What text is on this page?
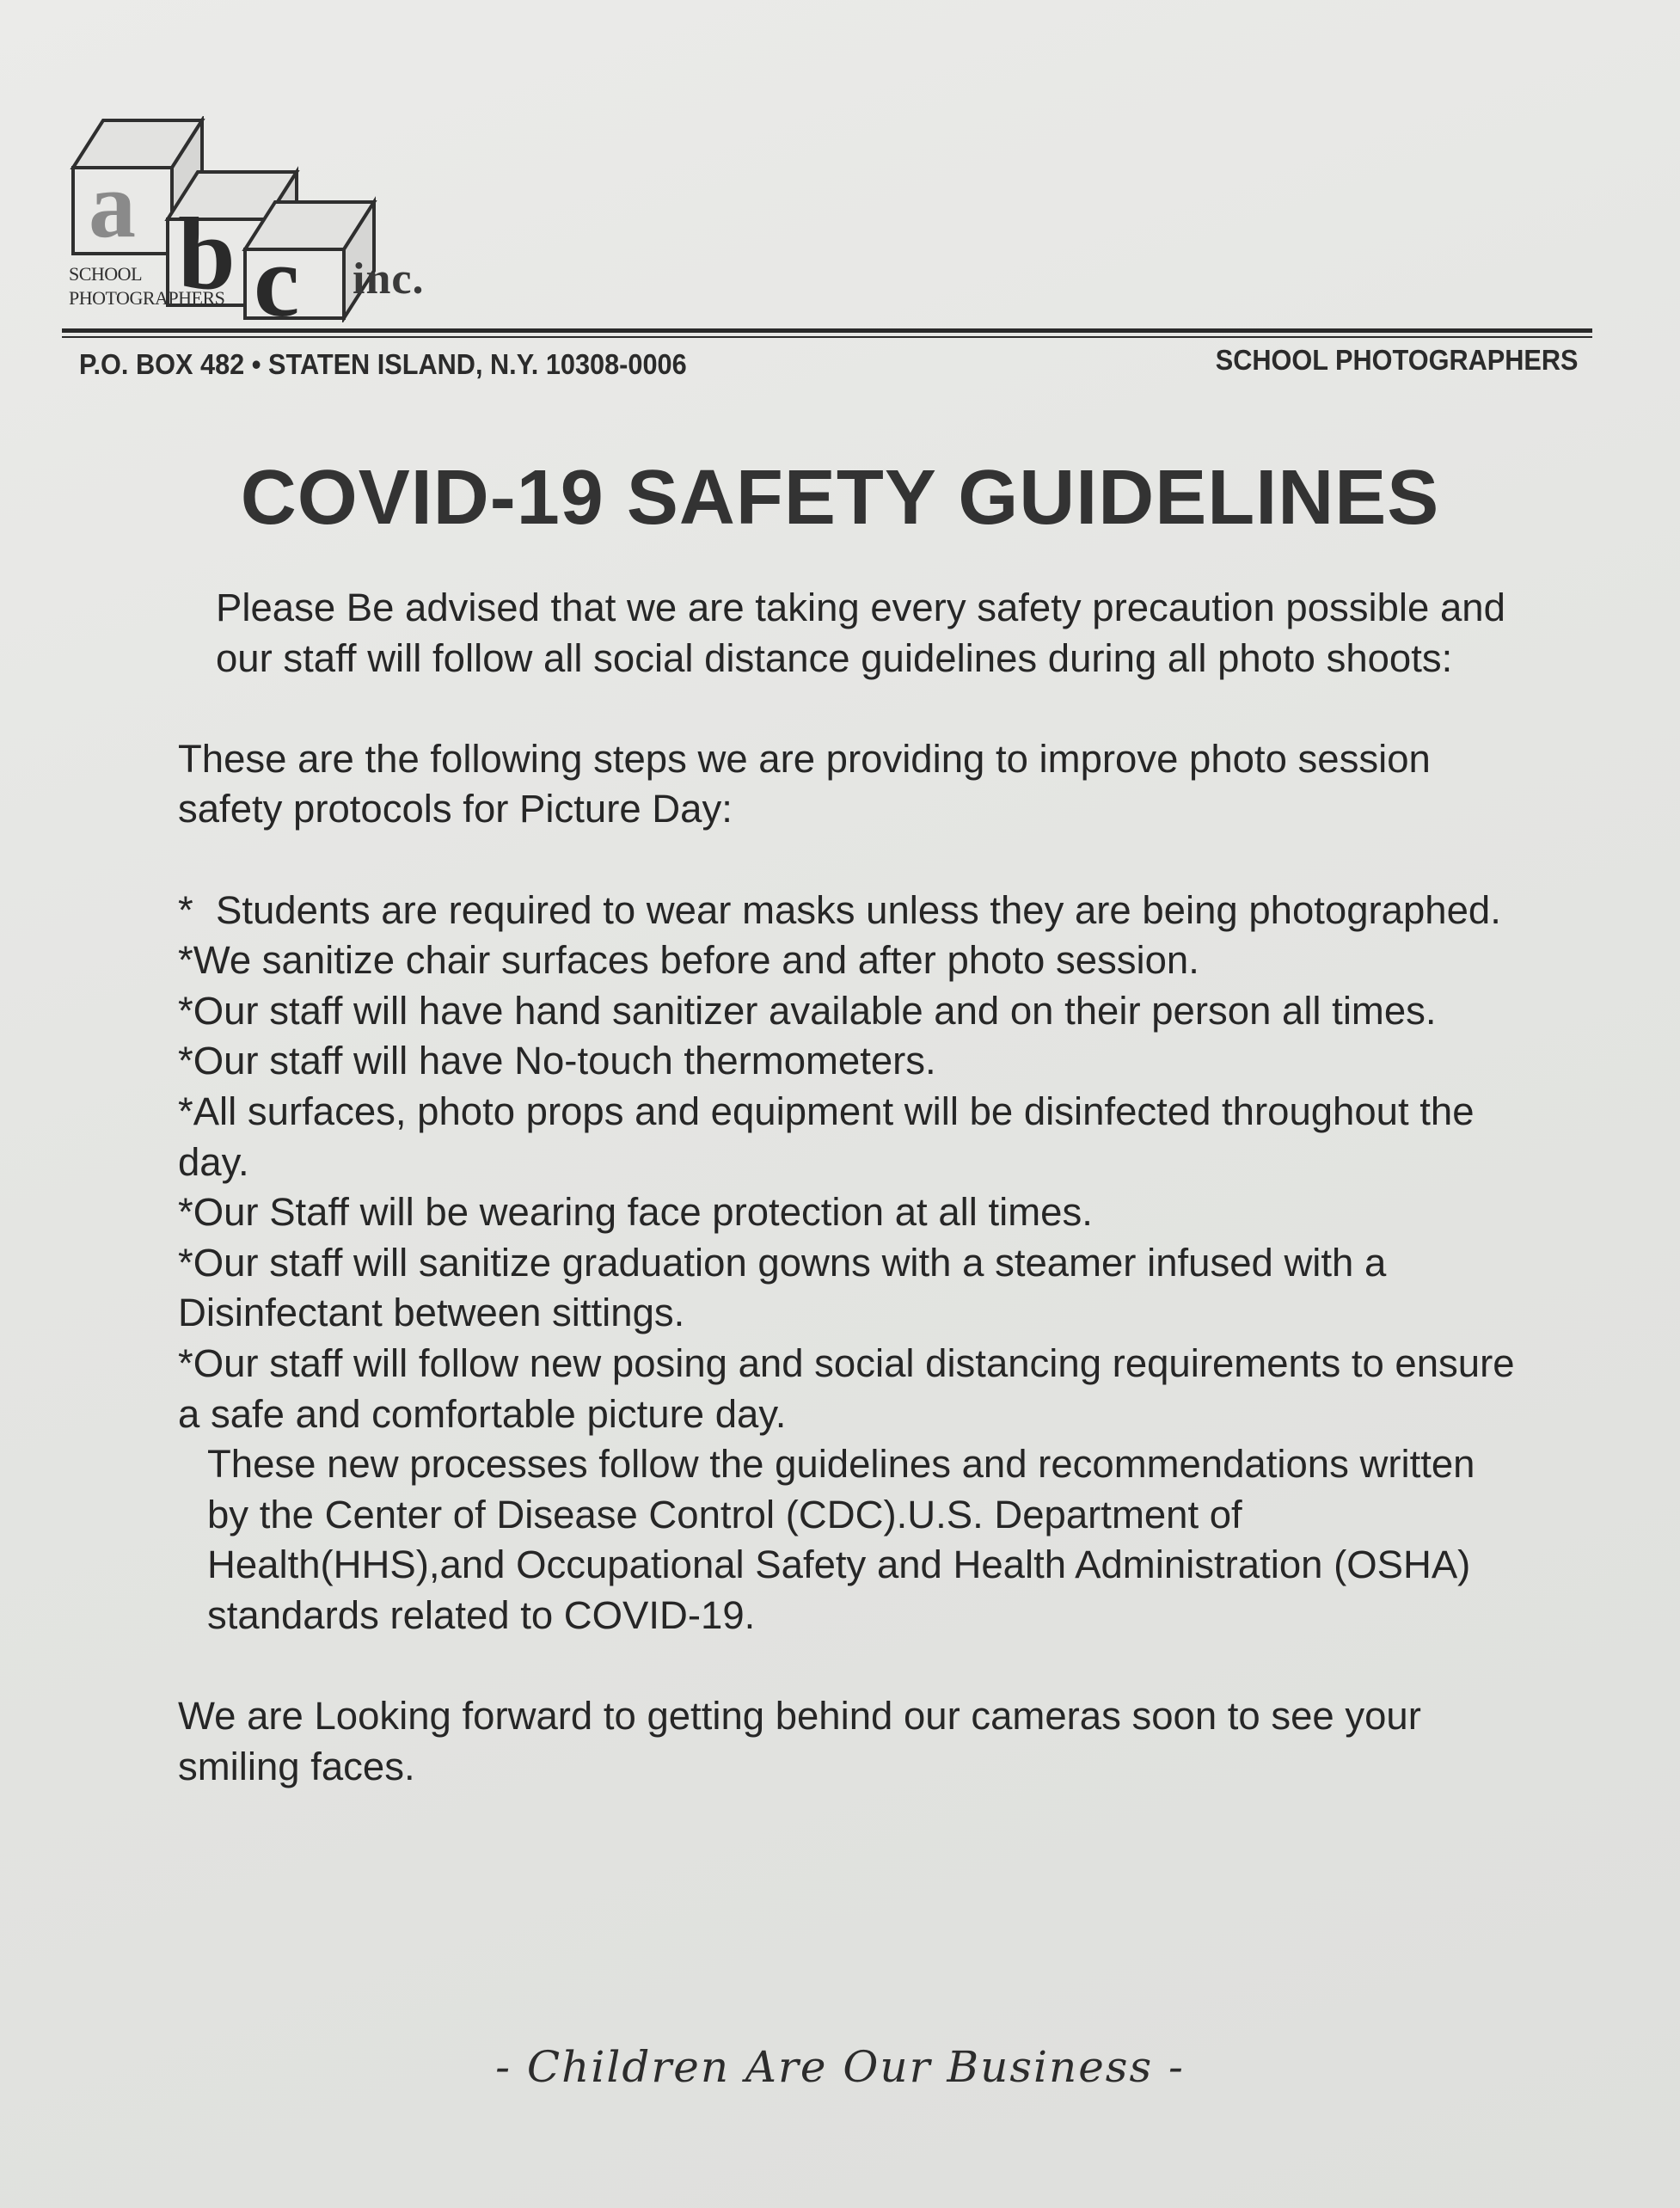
a b c inc.
SCHOOL
PHOTOGRAPHERS
P.O. BOX 482 • STATEN ISLAND, N.Y. 10308-0006	SCHOOL PHOTOGRAPHERS
COVID-19 SAFETY GUIDELINES

Please Be advised that we are taking every safety precaution possible and our staff will follow all social distance guidelines during all photo shoots:

These are the following steps we are providing to improve photo session safety protocols for Picture Day:

* Students are required to wear masks unless they are being photographed.
*We sanitize chair surfaces before and after photo session.
*Our staff will have hand sanitizer available and on their person all times.
*Our staff will have No-touch thermometers.
*All surfaces, photo props and equipment will be disinfected throughout the day.
*Our Staff will be wearing face protection at all times.
*Our staff will sanitize graduation gowns with a steamer infused with a Disinfectant between sittings.
*Our staff will follow new posing and social distancing requirements to ensure a safe and comfortable picture day.

These new processes follow the guidelines and recommendations written by the Center of Disease Control (CDC).U.S. Department of Health(HHS),and Occupational Safety and Health Administration (OSHA) standards related to COVID-19.

We are Looking forward to getting behind our cameras soon to see your smiling faces.

- Children Are Our Business -
